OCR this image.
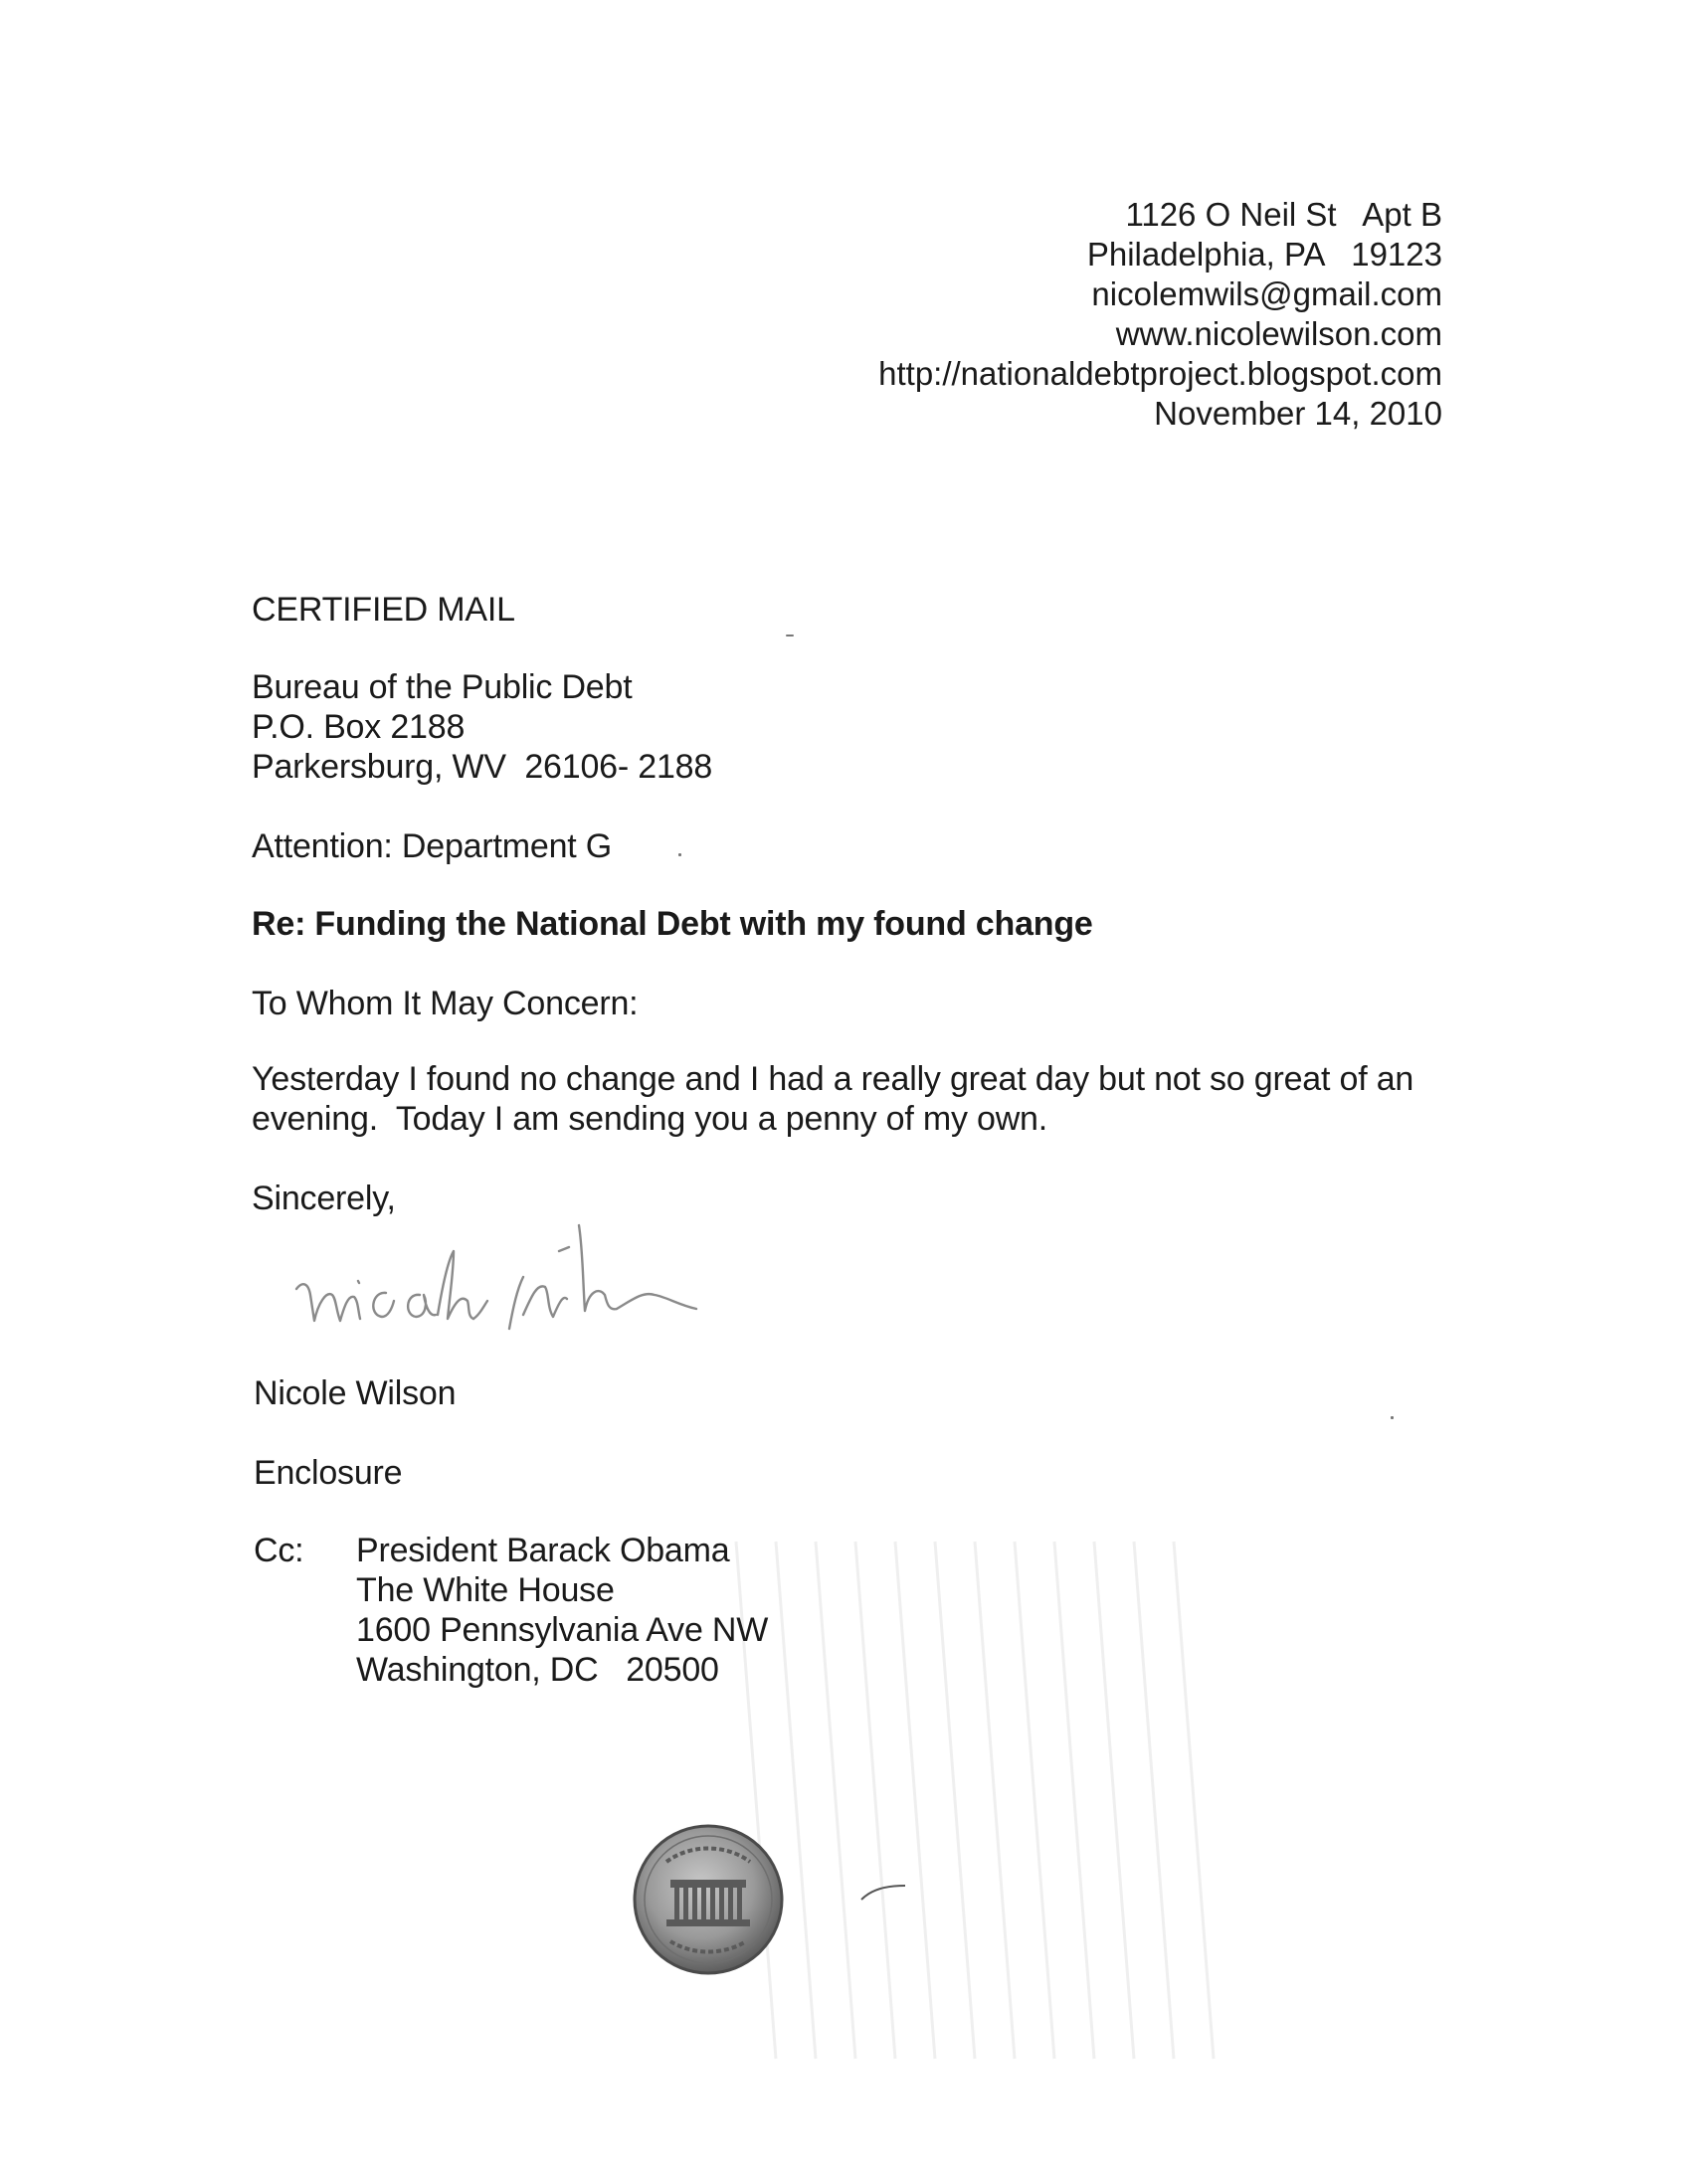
1126 O Neil St   Apt B
Philadelphia, PA   19123
nicolemwils@gmail.com
www.nicolewilson.com
http://nationaldebtproject.blogspot.com
November 14, 2010
CERTIFIED MAIL
Bureau of the Public Debt
P.O. Box 2188
Parkersburg, WV  26106- 2188
Attention: Department G
Re: Funding the National Debt with my found change
To Whom It May Concern:
Yesterday I found no change and I had a really great day but not so great of an
evening.  Today I am sending you a penny of my own.
Sincerely,
Nicole Wilson
Enclosure
Cc: President Barack Obama
The White House
1600 Pennsylvania Ave NW
Washington, DC   20500
